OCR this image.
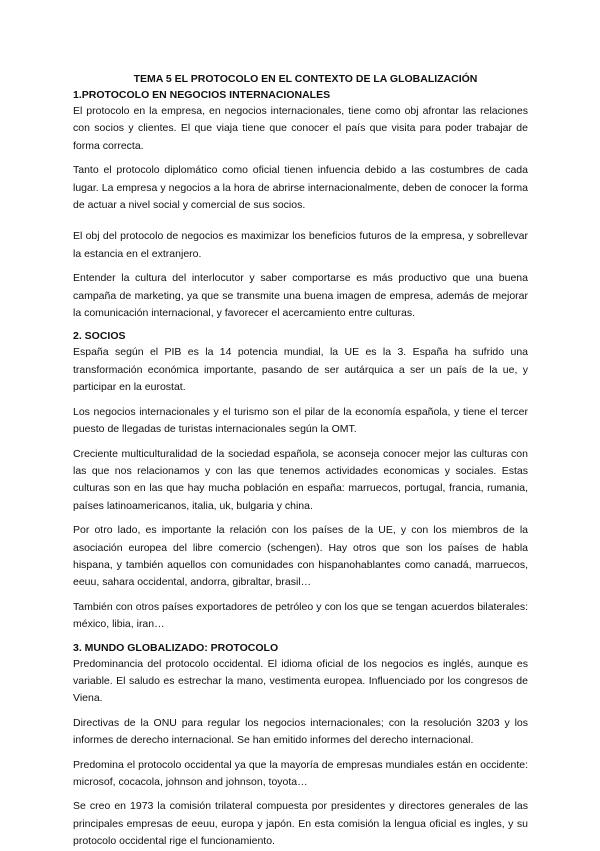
TEMA 5 EL PROTOCOLO EN EL CONTEXTO DE LA GLOBALIZACIÓN
1.PROTOCOLO EN NEGOCIOS INTERNACIONALES

El protocolo en la empresa, en negocios internacionales, tiene como obj afrontar las relaciones con socios y clientes. El que viaja tiene que conocer el país que visita para poder trabajar de forma correcta.

Tanto el protocolo diplomático como oficial tienen infuencia debido a las costumbres de cada lugar. La empresa y negocios a la hora de abrirse internacionalmente, deben de conocer la forma de actuar a nivel social y comercial de sus socios.

El obj del protocolo de negocios es maximizar los beneficios futuros de la empresa, y sobrellevar la estancia en el extranjero.

Entender la cultura del interlocutor y saber comportarse es más productivo que una buena campaña de marketing, ya que se transmite una buena imagen de empresa, además de mejorar la comunicación internacional, y favorecer el acercamiento entre culturas.

2. SOCIOS

España según el PIB es la 14 potencia mundial, la UE es la 3. España ha sufrido una transformación económica importante, pasando de ser autárquica a ser un país de la ue, y participar en la eurostat.

Los negocios internacionales y el turismo son el pilar de la economía española, y tiene el tercer puesto de llegadas de turistas internacionales según la OMT.

Creciente multiculturalidad de la sociedad española, se aconseja conocer mejor las culturas con las que nos relacionamos y con las que tenemos actividades economicas y sociales. Estas culturas son en las que hay mucha población en españa: marruecos, portugal, francia, rumania, países latinoamericanos, italia, uk, bulgaria y china.

Por otro lado, es importante la relación con los países de la UE, y con los miembros de la asociación europea del libre comercio (schengen). Hay otros que son los países de habla hispana, y también aquellos con comunidades con hispanohablantes como canadá, marruecos, eeuu, sahara occidental, andorra, gibraltar, brasil…

También con otros países exportadores de petróleo y con los que se tengan acuerdos bilaterales: méxico, libia, iran…

3. MUNDO GLOBALIZADO: PROTOCOLO

Predominancia del protocolo occidental. El idioma oficial de los negocios es inglés, aunque es variable. El saludo es estrechar la mano, vestimenta europea. Influenciado por los congresos de Viena.

Directivas de la ONU para regular los negocios internacionales; con la resolución 3203 y los informes de derecho internacional. Se han emitido informes del derecho internacional.

Predomina el protocolo occidental ya que la mayoría de empresas mundiales están en occidente: microsof, cocacola, johnson and johnson, toyota…

Se creo en 1973 la comisión trilateral compuesta por presidentes y directores generales de las principales empresas de eeuu, europa y japón. En esta comisión la lengua oficial es ingles, y su protocolo occidental rige el funcionamiento.
